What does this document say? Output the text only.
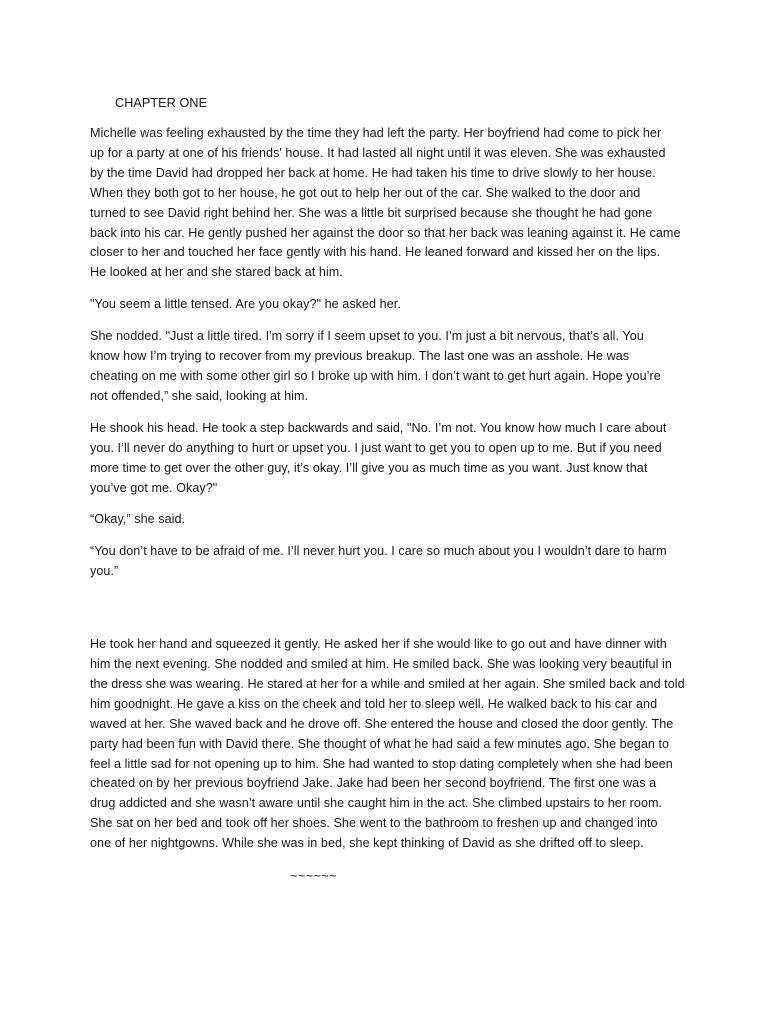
CHAPTER ONE

Michelle was feeling exhausted by the time they had left the party. Her boyfriend had come to pick her
up for a party at one of his friends' house. It had lasted all night until it was eleven. She was exhausted
by the time David had dropped her back at home. He had taken his time to drive slowly to her house.
When they both got to her house, he got out to help her out of the car. She walked to the door and
turned to see David right behind her. She was a little bit surprised because she thought he had gone
back into his car. He gently pushed her against the door so that her back was leaning against it. He came
closer to her and touched her face gently with his hand. He leaned forward and kissed her on the lips.
He looked at her and she stared back at him.

"You seem a little tensed. Are you okay?" he asked her.

She nodded. "Just a little tired. I'm sorry if I seem upset to you. I’m just a bit nervous, that’s all. You
know how I’m trying to recover from my previous breakup. The last one was an asshole. He was
cheating on me with some other girl so I broke up with him. I don’t want to get hurt again. Hope you’re
not offended,” she said, looking at him.

He shook his head. He took a step backwards and said, "No. I’m not. You know how much I care about
you. I’ll never do anything to hurt or upset you. I just want to get you to open up to me. But if you need
more time to get over the other guy, it’s okay. I’ll give you as much time as you want. Just know that
you’ve got me. Okay?"

“Okay,” she said.

“You don’t have to be afraid of me. I’ll never hurt you. I care so much about you I wouldn’t dare to harm
you.”

He took her hand and squeezed it gently. He asked her if she would like to go out and have dinner with
him the next evening. She nodded and smiled at him. He smiled back. She was looking very beautiful in
the dress she was wearing. He stared at her for a while and smiled at her again. She smiled back and told
him goodnight. He gave a kiss on the cheek and told her to sleep well. He walked back to his car and
waved at her. She waved back and he drove off. She entered the house and closed the door gently. The
party had been fun with David there. She thought of what he had said a few minutes ago. She began to
feel a little sad for not opening up to him. She had wanted to stop dating completely when she had been
cheated on by her previous boyfriend Jake. Jake had been her second boyfriend. The first one was a
drug addicted and she wasn’t aware until she caught him in the act. She climbed upstairs to her room.
She sat on her bed and took off her shoes. She went to the bathroom to freshen up and changed into
one of her nightgowns. While she was in bed, she kept thinking of David as she drifted off to sleep.

~~~~~~
